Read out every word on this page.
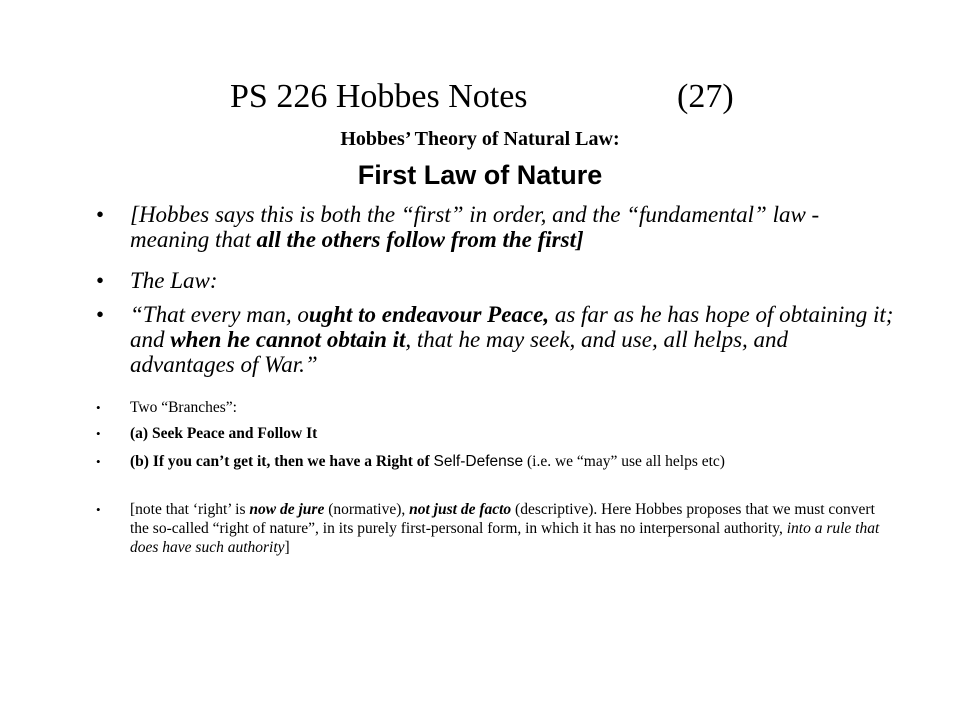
PS 226 Hobbes Notes	(27)
Hobbes’ Theory of Natural Law:
First Law of Nature
• [Hobbes says this is both the “first” in order, and the “fundamental” law - meaning that all the others follow from the first]
• The Law:
• “That every man, ought to endeavour Peace, as far as he has hope of obtaining it; and when he cannot obtain it, that he may seek, and use, all helps, and advantages of War.”
• Two “Branches”:
• (a) Seek Peace and Follow It
• (b) If you can’t get it, then we have a Right of Self-Defense (i.e. we “may” use all helps etc)
• [note that ‘right’ is now de jure (normative), not just de facto (descriptive). Here Hobbes proposes that we must convert the so-called “right of nature”, in its purely first-personal form, in which it has no interpersonal authority, into a rule that does have such authority]
